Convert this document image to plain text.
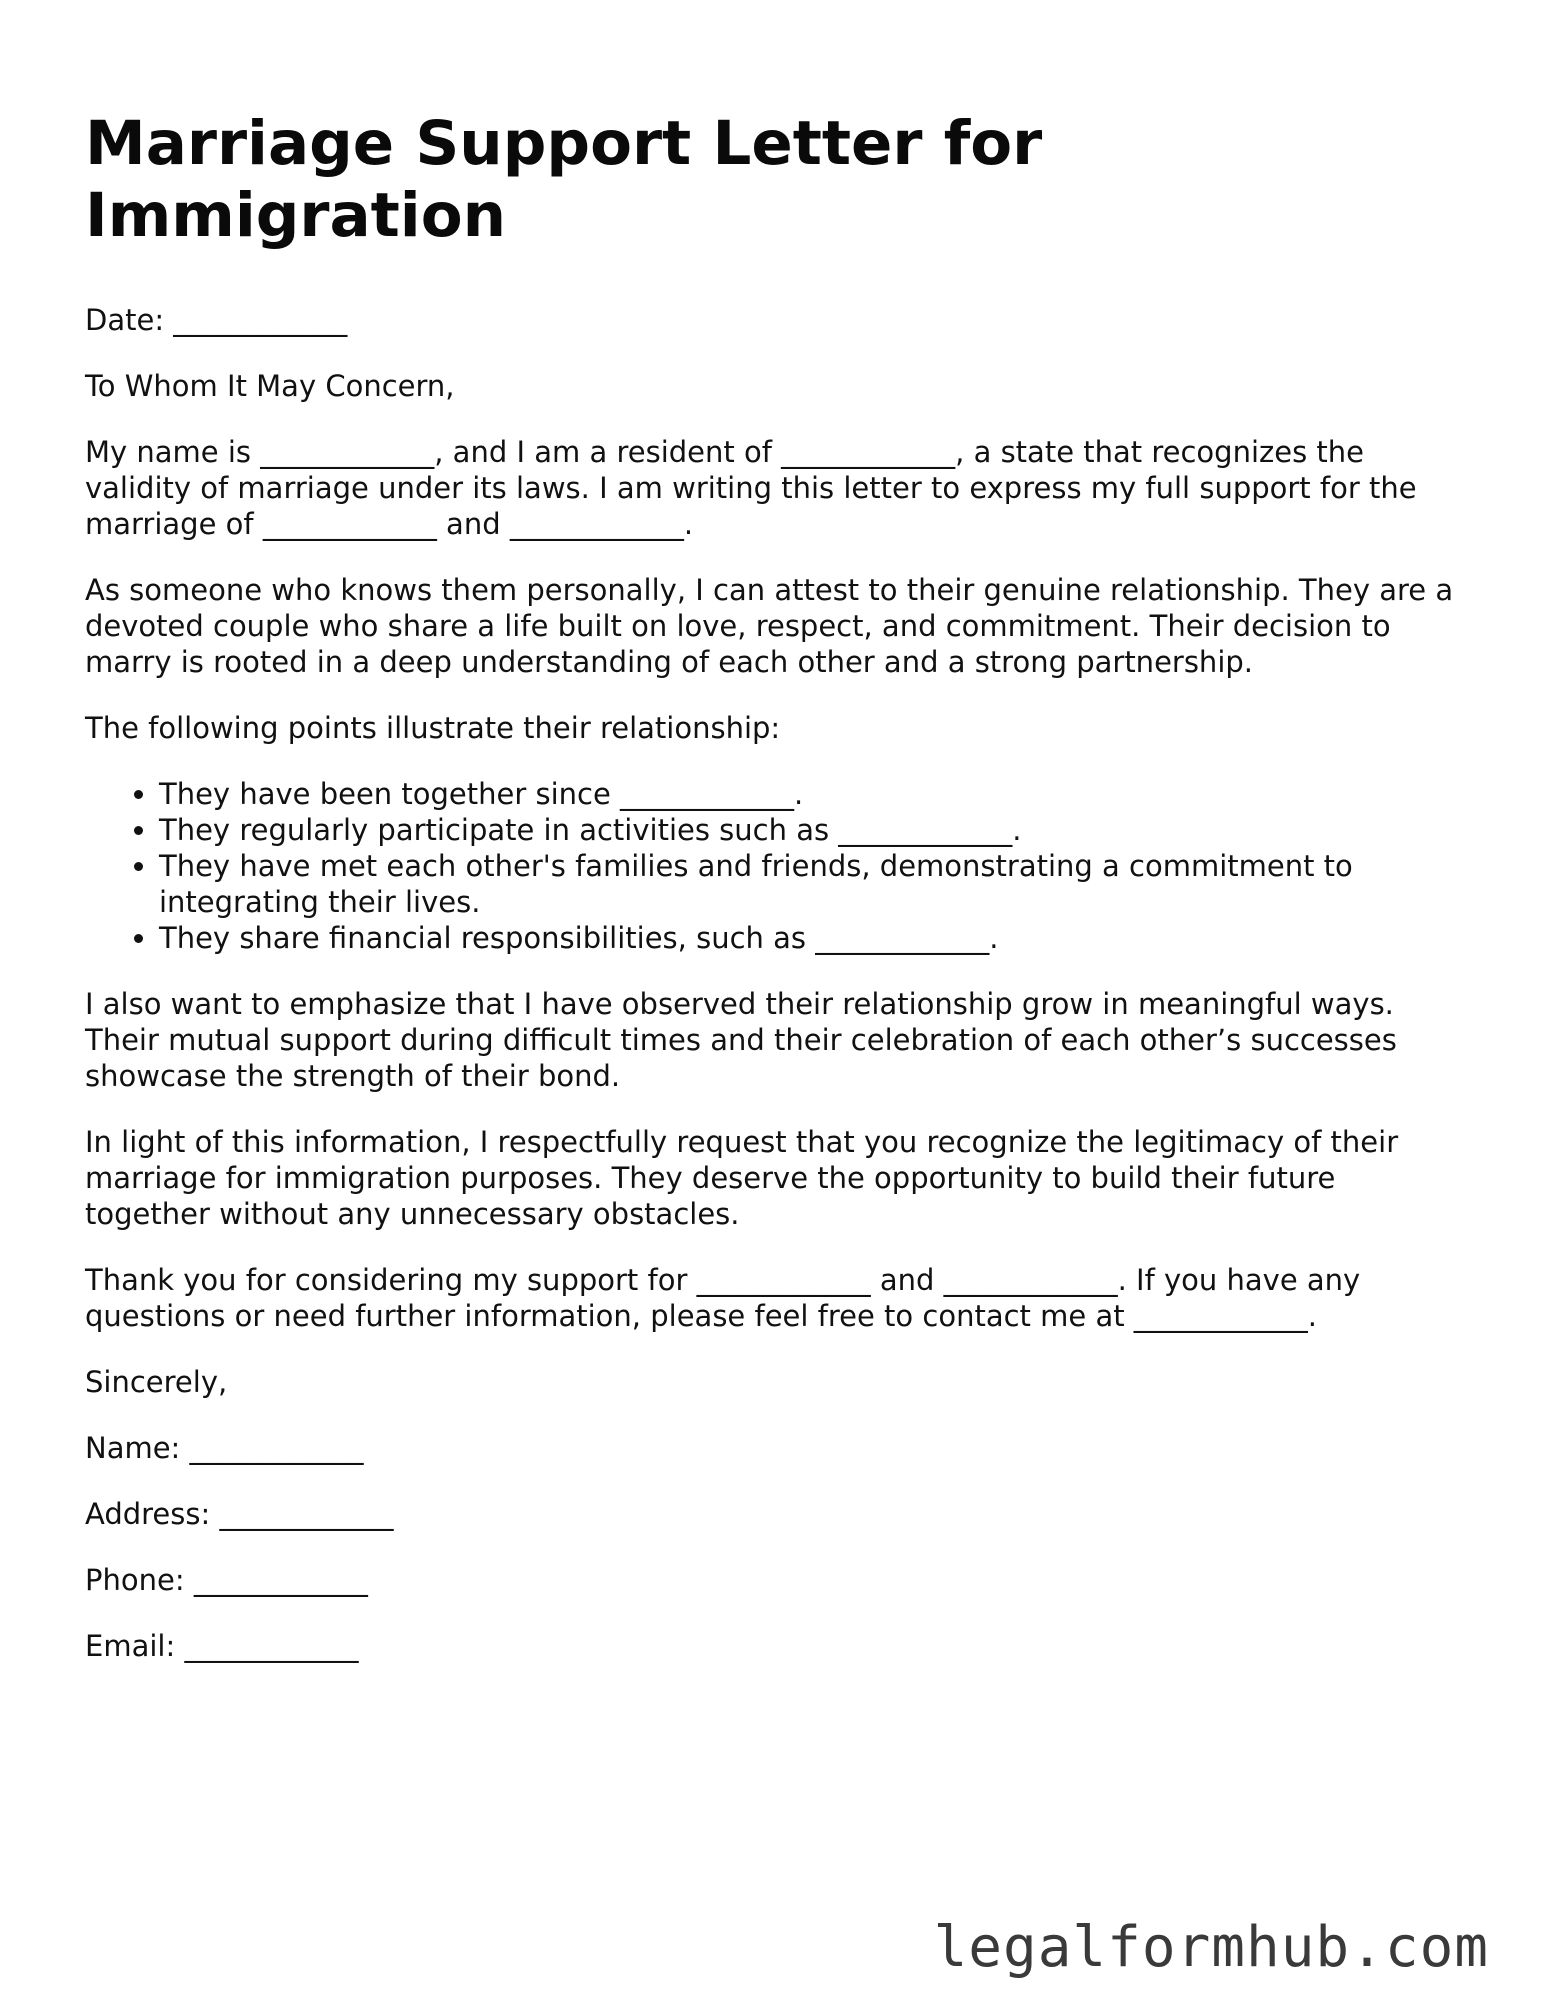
Marriage Support Letter for Immigration

Date: ____________

To Whom It May Concern,

My name is ____________, and I am a resident of ____________, a state that recognizes the validity of marriage under its laws. I am writing this letter to express my full support for the marriage of ____________ and ____________.

As someone who knows them personally, I can attest to their genuine relationship. They are a devoted couple who share a life built on love, respect, and commitment. Their decision to marry is rooted in a deep understanding of each other and a strong partnership.

The following points illustrate their relationship:

• They have been together since ____________.
• They regularly participate in activities such as ____________.
• They have met each other's families and friends, demonstrating a commitment to integrating their lives.
• They share financial responsibilities, such as ____________.

I also want to emphasize that I have observed their relationship grow in meaningful ways. Their mutual support during difficult times and their celebration of each other’s successes showcase the strength of their bond.

In light of this information, I respectfully request that you recognize the legitimacy of their marriage for immigration purposes. They deserve the opportunity to build their future together without any unnecessary obstacles.

Thank you for considering my support for ____________ and ____________. If you have any questions or need further information, please feel free to contact me at ____________.

Sincerely,

Name: ____________

Address: ____________

Phone: ____________

Email: ____________

legalformhub.com
